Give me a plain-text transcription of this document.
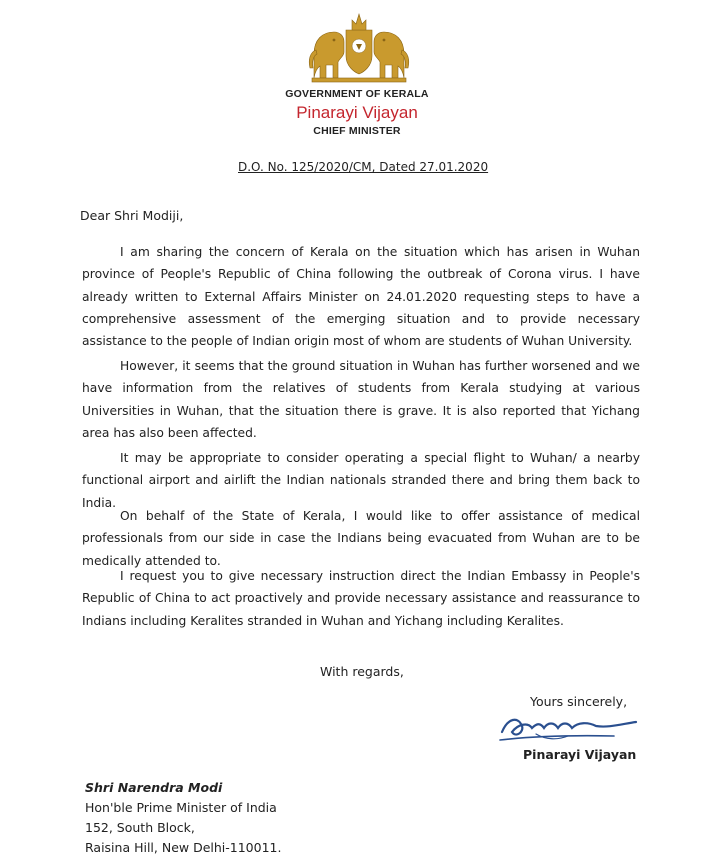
GOVERNMENT OF KERALA
Pinarayi Vijayan
CHIEF MINISTER
D.O. No. 125/2020/CM, Dated 27.01.2020
Dear Shri Modiji,
I am sharing the concern of Kerala on the situation which has arisen in Wuhan province of People's Republic of China following the outbreak of Corona virus. I have already written to External Affairs Minister on 24.01.2020 requesting steps to have a comprehensive assessment of the emerging situation and to provide necessary assistance to the people of Indian origin most of whom are students of Wuhan University.
However, it seems that the ground situation in Wuhan has further worsened and we have information from the relatives of students from Kerala studying at various Universities in Wuhan, that the situation there is grave. It is also reported that Yichang area has also been affected.
It may be appropriate to consider operating a special flight to Wuhan/ a nearby functional airport and airlift the Indian nationals stranded there and bring them back to India.
On behalf of the State of Kerala, I would like to offer assistance of medical professionals from our side in case the Indians being evacuated from Wuhan are to be medically attended to.
I request you to give necessary instruction direct the Indian Embassy in People's Republic of China to act proactively and provide necessary assistance and reassurance to Indians including Keralites stranded in Wuhan and Yichang including Keralites.
With regards,
Yours sincerely,
Pinarayi Vijayan
Shri Narendra Modi
Hon'ble Prime Minister of India
152, South Block,
Raisina Hill, New Delhi-110011.
